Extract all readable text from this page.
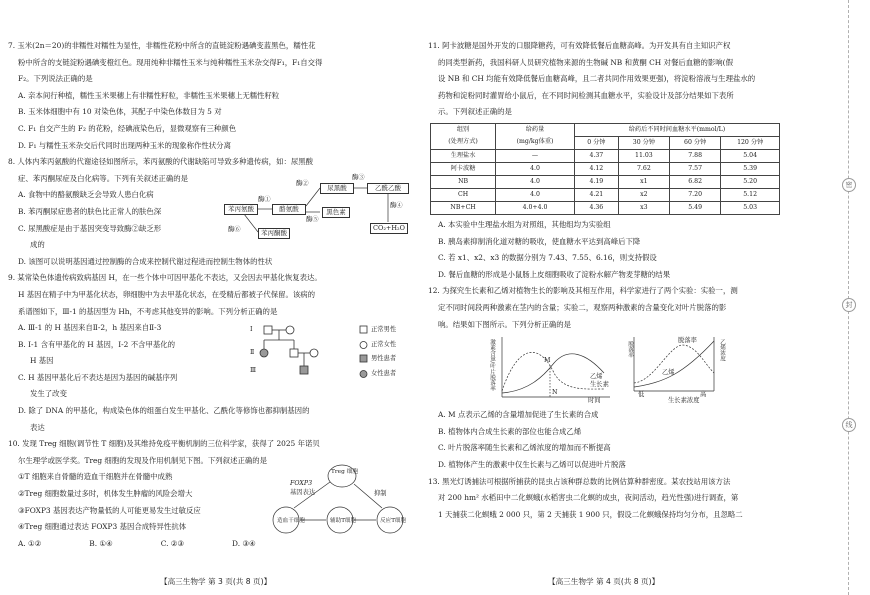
密
封
线

7. 玉米(2n＝20)的非糯性对糯性为显性，非糯性花粉中所含的直链淀粉遇碘变蓝黑色，糯性花

粉中所含的支链淀粉遇碘变橙红色。现用纯种非糯性玉米与纯种糯性玉米杂交得F₁，F₁自交得

F₂。下列说法正确的是

A. 亲本间行种植，糯性玉米果穗上有非糯性籽粒，非糯性玉米果穗上无糯性籽粒

B. 玉米体细胞中有 10 对染色体，其配子中染色体数目为 5 对

C. F₁ 自交产生的 F₂ 的花粉，经碘液染色后，显微观察有三种颜色

D. F₁ 与糯性玉米杂交后代同时出现两种玉米的现象称作性状分离

8. 人体内苯丙氨酸的代谢途径如图所示，苯丙氨酸的代谢缺陷可导致多种遗传病，如：尿黑酸

症、苯丙酮尿症及白化病等。下列有关叙述正确的是

A. 食物中的酪氨酸缺乏会导致人患白化病

B. 苯丙酮尿症患者的肤色比正常人的肤色深

C. 尿黑酸症是由于基因突变导致酶②缺乏形

成的

D. 该图可以说明基因通过控制酶的合成来控制代谢过程进而控制生物体的性状

苯丙氨酸	酪氨酸
尿黑酸	乙酰乙酸
黑色素
苯丙酮酸
CO₂+H₂O
酶①
酶②
酶③
酶④
酶⑤
酶⑥

9. 某常染色体遗传病致病基因 H，在一些个体中可因甲基化不表达，又会因去甲基化恢复表达。

H 基因在精子中为甲基化状态，卵细胞中为去甲基化状态，在受精后都被子代保留。该病的

系谱图如下，Ⅲ-1 的基因型为 Hh，不考虑其他变异的影响。下列分析正确的是

A. Ⅲ-1 的 H 基因来自Ⅱ-2，h 基因来自Ⅱ-3

B. Ⅰ-1 含有甲基化的 H 基因，Ⅰ-2 不含甲基化的

H 基因

C. H 基因甲基化后不表达是因为基因的碱基序列

发生了改变

D. 除了 DNA 的甲基化，构成染色体的组蛋白发生甲基化、乙酰化等修饰也都抑制基因的

表达

Ⅰ
Ⅱ
Ⅲ
正常男性
正常女性
男性患者
女性患者

10. 发现 Treg 细胞(调节性 T 细胞)及其维持免疫平衡机制的三位科学家，获得了 2025 年诺贝

尔生理学或医学奖。Treg 细胞的发现及作用机制见下图。下列叙述正确的是

①T 细胞来自骨髓的造血干细胞并在骨髓中成熟

②Treg 细胞数量过多时，机体发生肿瘤的风险会增大

③FOXP3 基因表达产物量低的人可能更易发生过敏反应

④Treg 细胞通过表达 FOXP3 基因合成特异性抗体

A. ①②	B. ①④	C. ②③	D. ③④
Treg 细胞
FOXP3
基因表达	抑制
造血干细胞	辅助T细胞	反应T细胞
【高三生物学 第 3 页(共 8 页)】

11. 阿卡波糖是国外开发的口服降糖药，可有效降低餐后血糖高峰。为开发具有自主知识产权

的同类型新药，我国科研人员研究植物来源的生物碱 NB 和黄酮 CH 对餐后血糖的影响(假

设 NB 和 CH 均能有效降低餐后血糖高峰，且二者共同作用效果更强)，将淀粉溶液与生理盐水的

药物和淀粉同时灌胃给小鼠后，在不同时间检测其血糖水平，实验设计及部分结果如下表所

示。下列叙述正确的是

组别
(处理方式)	给药量
(mg/kg体重)	给药后不同时间血糖水平(mmol/L)			
		0 分钟	30 分钟	60 分钟	120 分钟
生理盐水	—	4.37	11.03	7.88	5.04
阿卡波糖	4.0	4.12	7.62	7.57	5.39
NB	4.0	4.19	x1	6.82	5.20
CH	4.0	4.21	x2	7.20	5.12
NB+CH	4.0+4.0	4.36	x3	5.49	5.03

A. 本实验中生理盐水组为对照组，其他组均为实验组

B. 胰岛素抑制消化道对糖的吸收，使血糖水平达到高峰后下降

C. 若 x1、x2、x3 的数据分别为 7.43、7.55、6.16，则支持假设

D. 餐后血糖的形成是小鼠肠上皮细胞吸收了淀粉水解产物麦芽糖的结果

12. 为探究生长素和乙烯对植物生长的影响及其相互作用，科学家进行了两个实验：实验一，测

定不同时间段两种激素在茎内的含量；实验二，观察两种激素的含量变化对叶片脱落的影

响。结果如下图所示。下列分析正确的是

激素含量/叶片脱落率
时间
M
N
乙烯
生长素
脱落率	乙烯浓度
生长素浓度
低	高
脱落率
乙烯

A. M 点表示乙烯的含量增加促进了生长素的合成

B. 植物体内合成生长素的部位也能合成乙烯

C. 叶片脱落率随生长素和乙烯浓度的增加而不断提高

D. 植物体产生的激素中仅生长素与乙烯可以促进叶片脱落

13. 黑光灯诱捕法可根据所捕获的昆虫占该种群总数的比例估算种群密度。某农技站用该方法

对 200 hm² 水稻田中二化螟蛾(水稻害虫二化螟的成虫，夜间活动，趋光性强)进行调查，第

1 天捕获二化螟蛾 2 000 只，第 2 天捕获 1 900 只，假设二化螟蛾保持均匀分布，且忽略二

【高三生物学 第 4 页(共 8 页)】
